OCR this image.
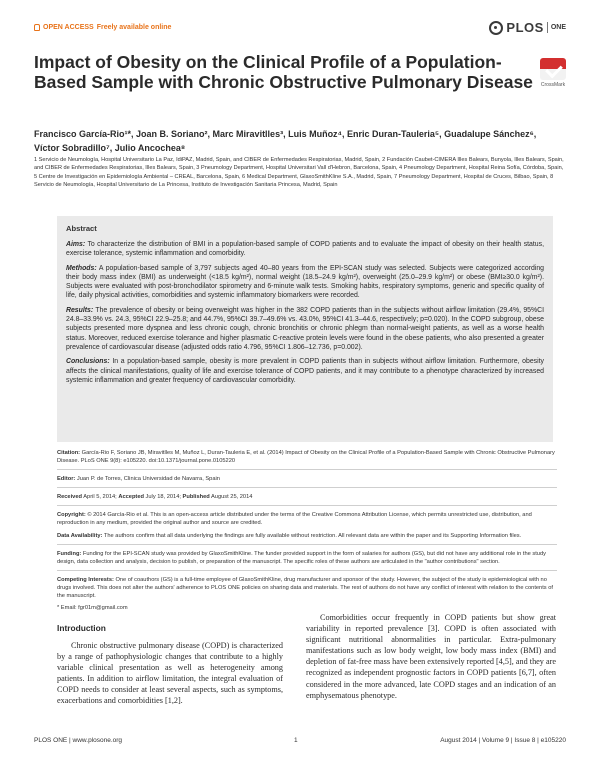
OPEN ACCESS Freely available online	PLOS ONE
Impact of Obesity on the Clinical Profile of a Population-Based Sample with Chronic Obstructive Pulmonary Disease	CrossMark
Francisco García-Rio¹*, Joan B. Soriano², Marc Miravitlles³, Luis Muñoz⁴, Enric Duran-Tauleria⁵, Guadalupe Sánchez⁶, Víctor Sobradillo⁷, Julio Ancochea⁸
1 Servicio de Neumología, Hospital Universitario La Paz, IdiPAZ, Madrid, Spain, and CIBER de Enfermedades Respiratorias, Madrid, Spain, 2 Fundación Caubet-CIMERA Illes Balears, Bunyola, Illes Balears, Spain, and CIBER de Enfermedades Respiratorias, Illes Balears, Spain, 3 Pneumology Department, Hospital Universitari Vall d'Hebron, Barcelona, Spain, 4 Pneumology Department, Hospital Reina Sofía, Córdoba, Spain, 5 Centre de Investigación en Epidemiología Ambiental – CREAL, Barcelona, Spain, 6 Medical Department, GlaxoSmithKline S.A., Madrid, Spain, 7 Pneumology Department, Hospital de Cruces, Bilbao, Spain, 8 Servicio de Neumología, Hospital Universitario de La Princesa, Instituto de Investigación Sanitaria Princesa, Madrid, Spain
Abstract

Aims: To characterize the distribution of BMI in a population-based sample of COPD patients and to evaluate the impact of obesity on their health status, exercise tolerance, systemic inflammation and comorbidity.

Methods: A population-based sample of 3,797 subjects aged 40–80 years from the EPI-SCAN study was selected. Subjects were categorized according their body mass index (BMI) as underweight (<18.5 kg/m²), normal weight (18.5–24.9 kg/m²), overweight (25.0–29.9 kg/m²) or obese (BMI≥30.0 kg/m²). Subjects were evaluated with post-bronchodilator spirometry and 6-minute walk tests. Smoking habits, respiratory symptoms, generic and specific quality of life, daily physical activities, comorbidities and systemic inflammatory biomarkers were recorded.

Results: The prevalence of obesity or being overweight was higher in the 382 COPD patients than in the subjects without airflow limitation (29.4%, 95%CI 24.8–33.9% vs. 24.3, 95%CI 22.9–25.8; and 44.7%, 95%CI 39.7–49.6% vs. 43.0%, 95%CI 41.3–44.6, respectively; p=0.020). In the COPD subgroup, obese subjects presented more dyspnea and less chronic cough, chronic bronchitis or chronic phlegm than normal-weight patients, as well as a worse health status. Moreover, reduced exercise tolerance and higher plasmatic C-reactive protein levels were found in the obese patients, who also presented a greater prevalence of cardiovascular disease (adjusted odds ratio 4.796, 95%CI 1.806–12.736, p=0.002).

Conclusions: In a population-based sample, obesity is more prevalent in COPD patients than in subjects without airflow limitation. Furthermore, obesity affects the clinical manifestations, quality of life and exercise tolerance of COPD patients, and it may contribute to a phenotype characterized by increased systemic inflammation and greater frequency of cardiovascular comorbidity.

Citation: García-Rio F, Soriano JB, Miravitlles M, Muñoz L, Duran-Tauleria E, et al. (2014) Impact of Obesity on the Clinical Profile of a Population-Based Sample with Chronic Obstructive Pulmonary Disease. PLoS ONE 9(8): e105220. doi:10.1371/journal.pone.0105220

Editor: Juan P. de Torres, Clinica Universidad de Navarra, Spain

Received April 5, 2014; Accepted July 18, 2014; Published August 25, 2014

Copyright: © 2014 García-Rio et al. This is an open-access article distributed under the terms of the Creative Commons Attribution License, which permits unrestricted use, distribution, and reproduction in any medium, provided the original author and source are credited.

Data Availability: The authors confirm that all data underlying the findings are fully available without restriction. All relevant data are within the paper and its Supporting Information files.

Funding: Funding for the EPI-SCAN study was provided by GlaxoSmithKline. The funder provided support in the form of salaries for authors (GS), but did not have any additional role in the study design, data collection and analysis, decision to publish, or preparation of the manuscript. The specific roles of these authors are articulated in the "author contributions" section.

Competing Interests: One of coauthors (GS) is a full-time employee of GlaxoSmithKline, drug manufacturer and sponsor of the study. However, the subject of the study is epidemiological with no drugs involved. This does not alter the authors' adherence to PLOS ONE policies on sharing data and materials. The rest of authors do not have any conflict of interest with relation to the contents of the manuscript.

* Email: fgr01m@gmail.com

Introduction

Chronic obstructive pulmonary disease (COPD) is characterized by a range of pathophysiologic changes that contribute to a highly variable clinical presentation as well as heterogeneity among patients. In addition to airflow limitation, the integral evaluation of COPD needs to consider at least several aspects, such as symptoms, exacerbations and comorbidities [1,2].

Comorbidities occur frequently in COPD patients but show great variability in reported prevalence [3]. COPD is often associated with significant nutritional abnormalities in particular. Extra-pulmonary manifestations such as low body weight, low body mass index (BMI) and depletion of fat-free mass have been extensively reported [4,5], and they are recognized as independent prognostic factors in COPD patients [6,7], often considered in the more advanced, late COPD stages and an indication of an emphysematous phenotype.

PLOS ONE | www.plosone.org	1	August 2014 | Volume 9 | Issue 8 | e105220
